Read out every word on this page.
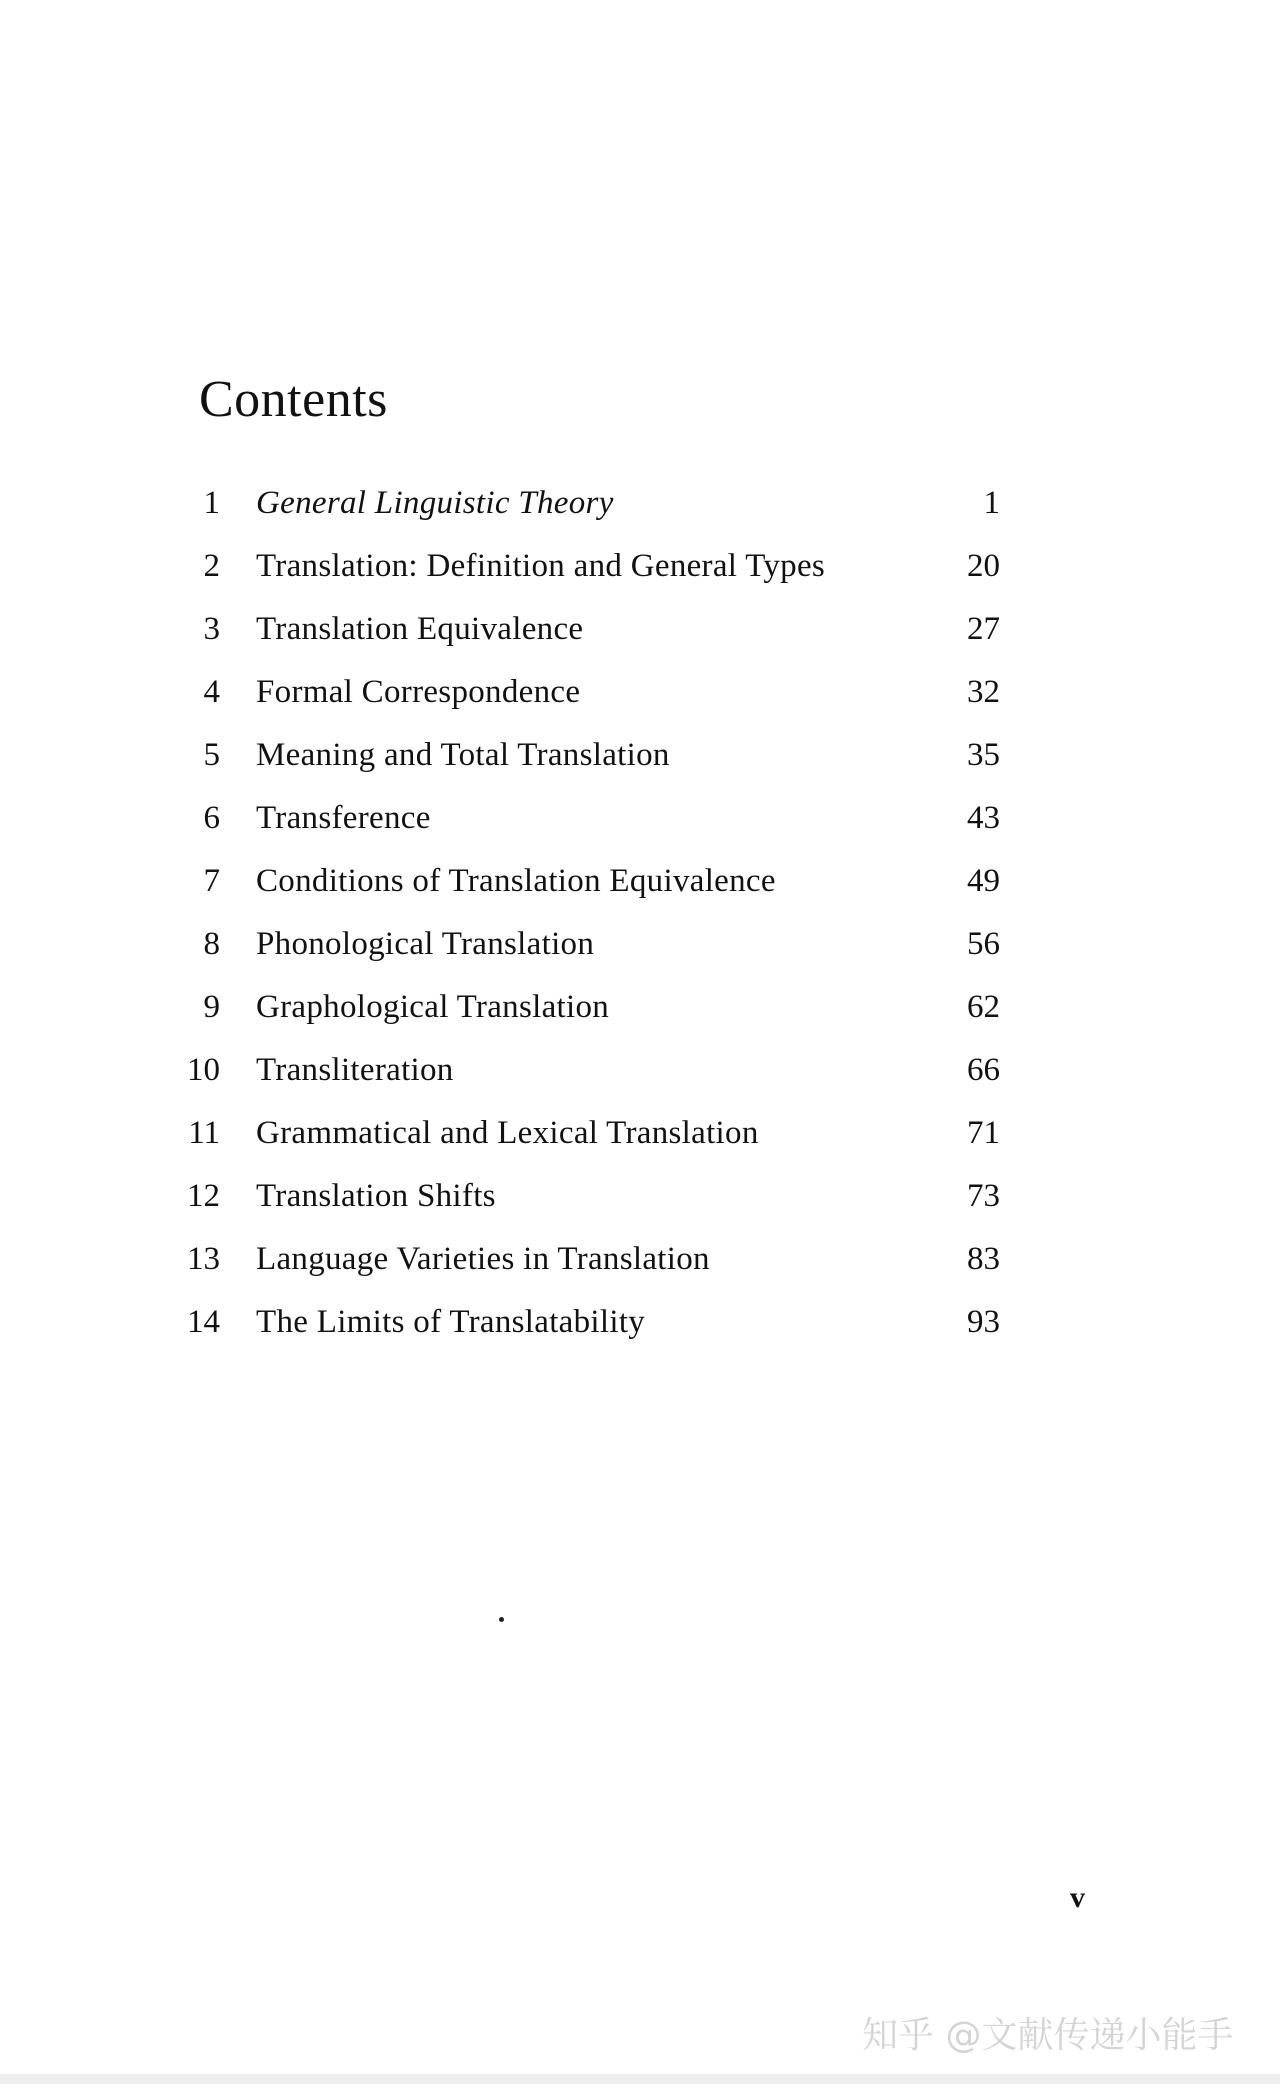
Contents
1 General Linguistic Theory	1
2 Translation: Definition and General Types	20
3 Translation Equivalence	27
4 Formal Correspondence	32
5 Meaning and Total Translation	35
6 Transference	43
7 Conditions of Translation Equivalence	49
8 Phonological Translation	56
9 Graphological Translation	62
10 Transliteration	66
11 Grammatical and Lexical Translation	71
12 Translation Shifts	73
13 Language Varieties in Translation	83
14 The Limits of Translatability	93
v
知乎 @文献传递小能手
